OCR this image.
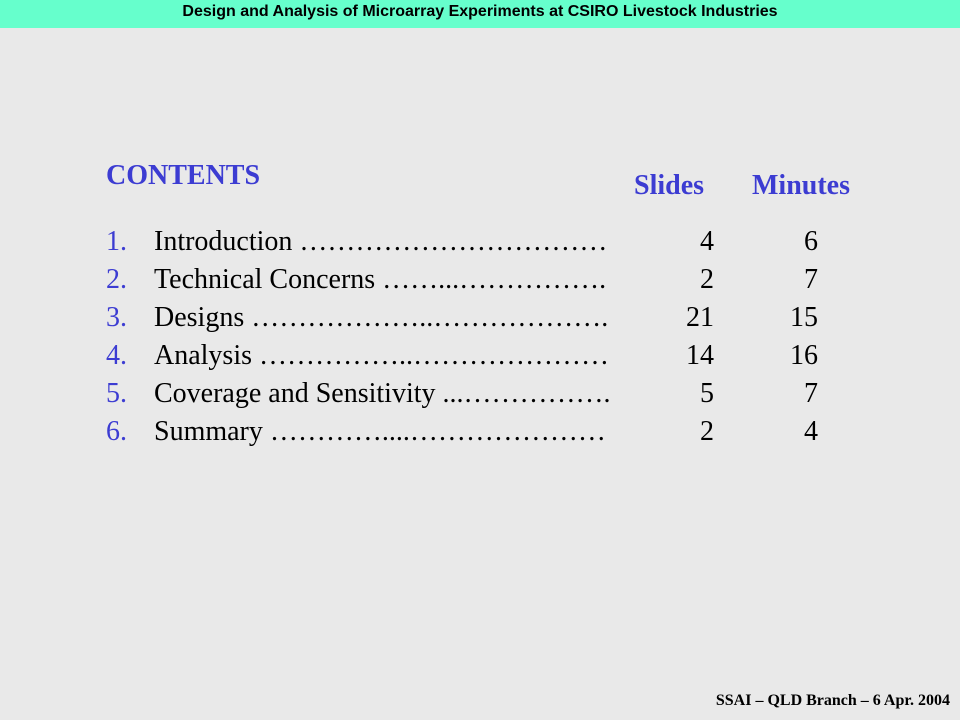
Design and Analysis of Microarray Experiments at CSIRO Livestock Industries
CONTENTS	Slides Minutes
1. Introduction ……………………………	4	6
2. Technical Concerns ……...…………….	2	7
3. Designs ………………..……………….	21	15
4. Analysis ……………..…………………	14	16
5. Coverage and Sensitivity ...…………….	5	7
6. Summary …………....…………………	2	4
SSAI – QLD Branch – 6 Apr. 2004
